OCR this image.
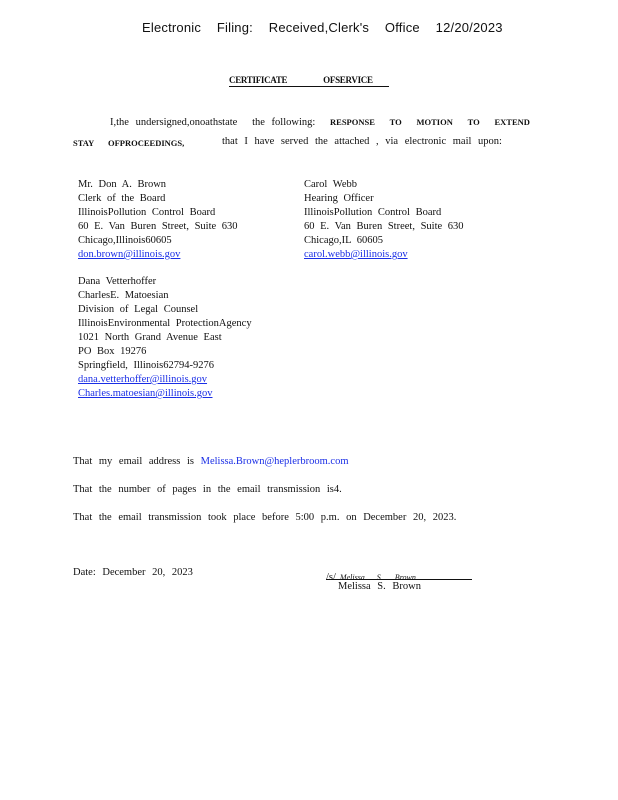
Electronic Filing: Received,Clerk's Office 12/20/2023
CERTIFICATE OFSERVICE
I,the undersigned,onoathstate the following: RESPONSE TO MOTION TO EXTEND
STAY OFPROCEEDINGS,	that I have served the attached , via electronic mail upon:
Mr. Don A. Brown
Clerk of the Board
IllinoisPollution Control Board
60 E. Van Buren Street, Suite 630
Chicago,Illinois60605
don.brown@illinois.gov
Carol Webb
Hearing Officer
IllinoisPollution Control Board
60 E. Van Buren Street, Suite 630
Chicago,IL 60605
carol.webb@illinois.gov
Dana Vetterhoffer
CharlesE. Matoesian
Division of Legal Counsel
IllinoisEnvironmental ProtectionAgency
1021 North Grand Avenue East
PO Box 19276
Springfield, Illinois62794-9276
dana.vetterhoffer@illinois.gov
Charles.matoesian@illinois.gov
That my email address is Melissa.Brown@heplerbroom.com
That the number of pages in the email transmission is4.
That the email transmission took place before 5:00 p.m. on December 20, 2023.
Date: December 20, 2023	/s/ Melissa S. Brown
Melissa S. Brown
